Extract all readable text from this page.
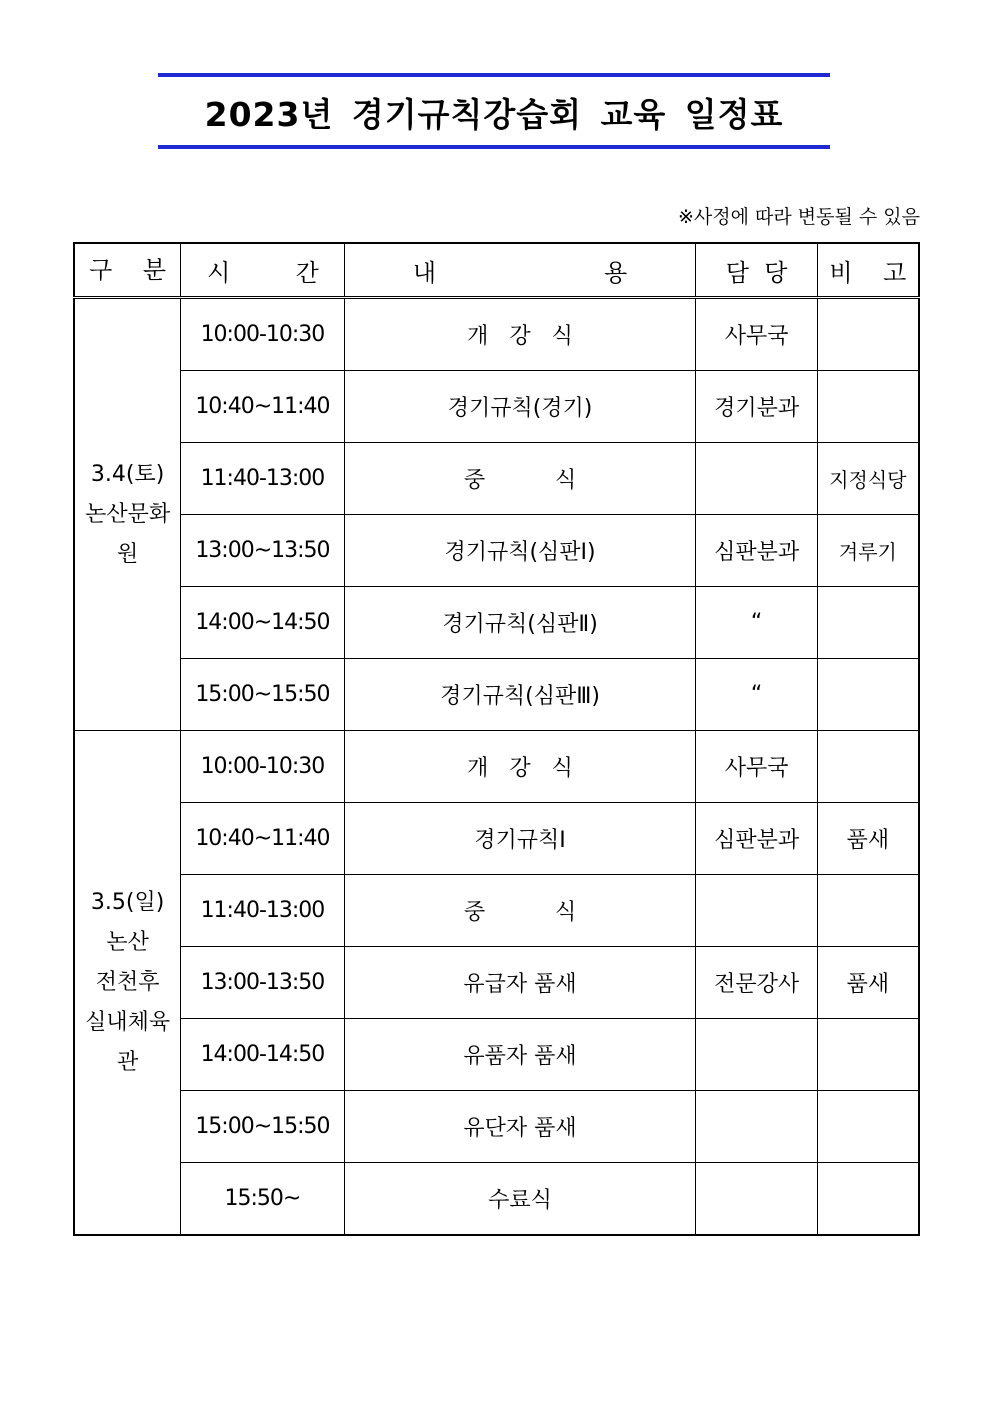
2023년 경기규칙강습회 교육 일정표
※사정에 따라 변동될 수 있음
구    분	시          간	내                      용	담  당	비    고

3.4(토)
논산문화원	10:00-10:30	개   강   식	사무국	
	10:40~11:40	경기규칙(경기)	경기분과	
	11:40-13:00	중          식		지정식당
	13:00~13:50	경기규칙(심판Ⅰ)	심판분과	겨루기
	14:00~14:50	경기규칙(심판Ⅱ)	“	
	15:00~15:50	경기규칙(심판Ⅲ)	“	

3.5(일)
논산
전천후
실내체육관	10:00-10:30	개   강   식	사무국	
	10:40~11:40	경기규칙Ⅰ	심판분과	품새
	11:40-13:00	중          식		
	13:00-13:50	유급자 품새	전문강사	품새
	14:00-14:50	유품자 품새		
	15:00~15:50	유단자 품새		
	15:50~	수료식		
